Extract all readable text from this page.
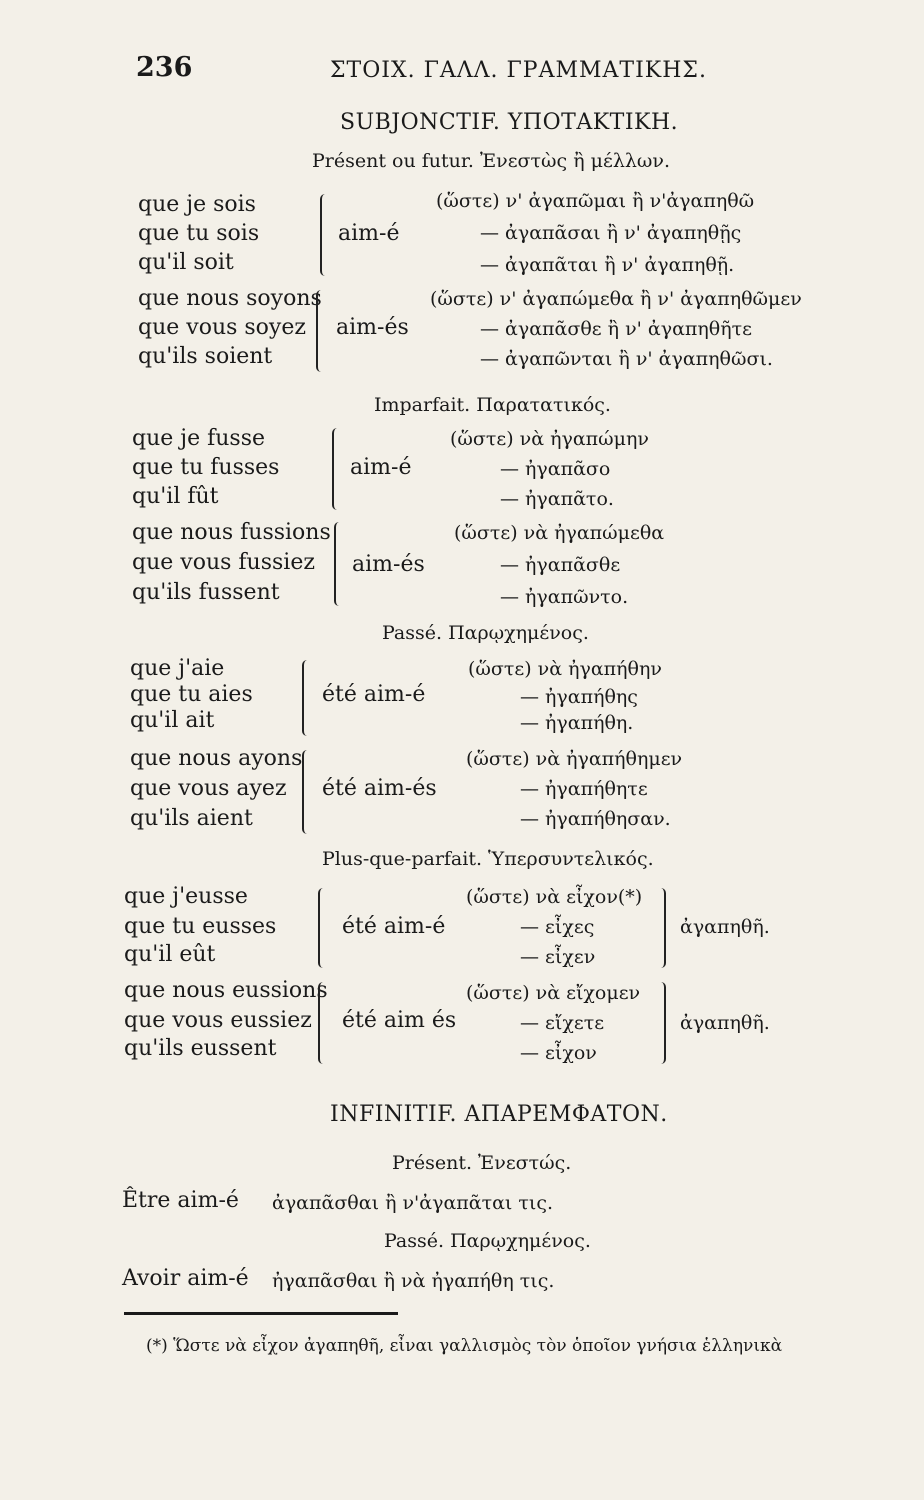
236	ΣΤΟΙΧ. ΓΑΛΛ. ΓΡΑΜΜΑΤΙΚΗΣ.
SUBJONCTIF. ΥΠΟΤΑΚΤΙΚΗ.
Présent ou futur. Ἐνεστὼς ἢ μέλλων.
que je sois
que tu sois
qu'il soit
aim-é
(ὥστε) ν' ἀγαπῶμαι ἢ ν'ἀγαπηθῶ
— ἀγαπᾶσαι ἢ ν' ἀγαπηθῇς
— ἀγαπᾶται ἢ ν' ἀγαπηθῇ.
que nous soyons
que vous soyez
qu'ils soient
aim-és
(ὥστε) ν' ἀγαπώμεθα ἢ ν' ἀγαπηθῶμεν
— ἀγαπᾶσθε ἢ ν' ἀγαπηθῆτε
— ἀγαπῶνται ἢ ν' ἀγαπηθῶσι.
Imparfait. Παρατατικός.
que je fusse
que tu fusses
qu'il fût
aim-é
(ὥστε) νὰ ἠγαπώμην
— ἠγαπᾶσο
— ἠγαπᾶτο.
que nous fussions
que vous fussiez
qu'ils fussent
aim-és
(ὥστε) νὰ ἠγαπώμεθα
— ἠγαπᾶσθε
— ἠγαπῶντο.
Passé. Παρῳχημένος.
que j'aie
que tu aies
qu'il ait
été aim-é
(ὥστε) νὰ ἠγαπήθην
— ἠγαπήθης
— ἠγαπήθη.
que nous ayons
que vous ayez
qu'ils aient
été aim-és
(ὥστε) νὰ ἠγαπήθημεν
— ἠγαπήθητε
— ἠγαπήθησαν.
Plus-que-parfait. Ὑπερσυντελικός.
que j'eusse
que tu eusses
qu'il eût
été aim-é
(ὥστε) νὰ εἶχον(*)
— εἶχες
— εἶχεν
ἀγαπηθῆ.
que nous eussions
que vous eussiez
qu'ils eussent
été aim és
(ὥστε) νὰ εἴχομεν
— εἴχετε
— εἶχον
ἀγαπηθῆ.
INFINITIF. ΑΠΑΡΕΜΦΑΤΟΝ.
Présent. Ἐνεστώς.
Être aim-é ἀγαπᾶσθαι ἢ ν'ἀγαπᾶται τις.
Passé. Παρῳχημένος.
Avoir aim-é ἠγαπᾶσθαι ἢ νὰ ἠγαπήθη τις.
(*) Ὥστε νὰ εἶχον ἀγαπηθῆ, εἶναι γαλλισμὸς τὸν ὁποῖον γνήσια ἑλληνικὰ
